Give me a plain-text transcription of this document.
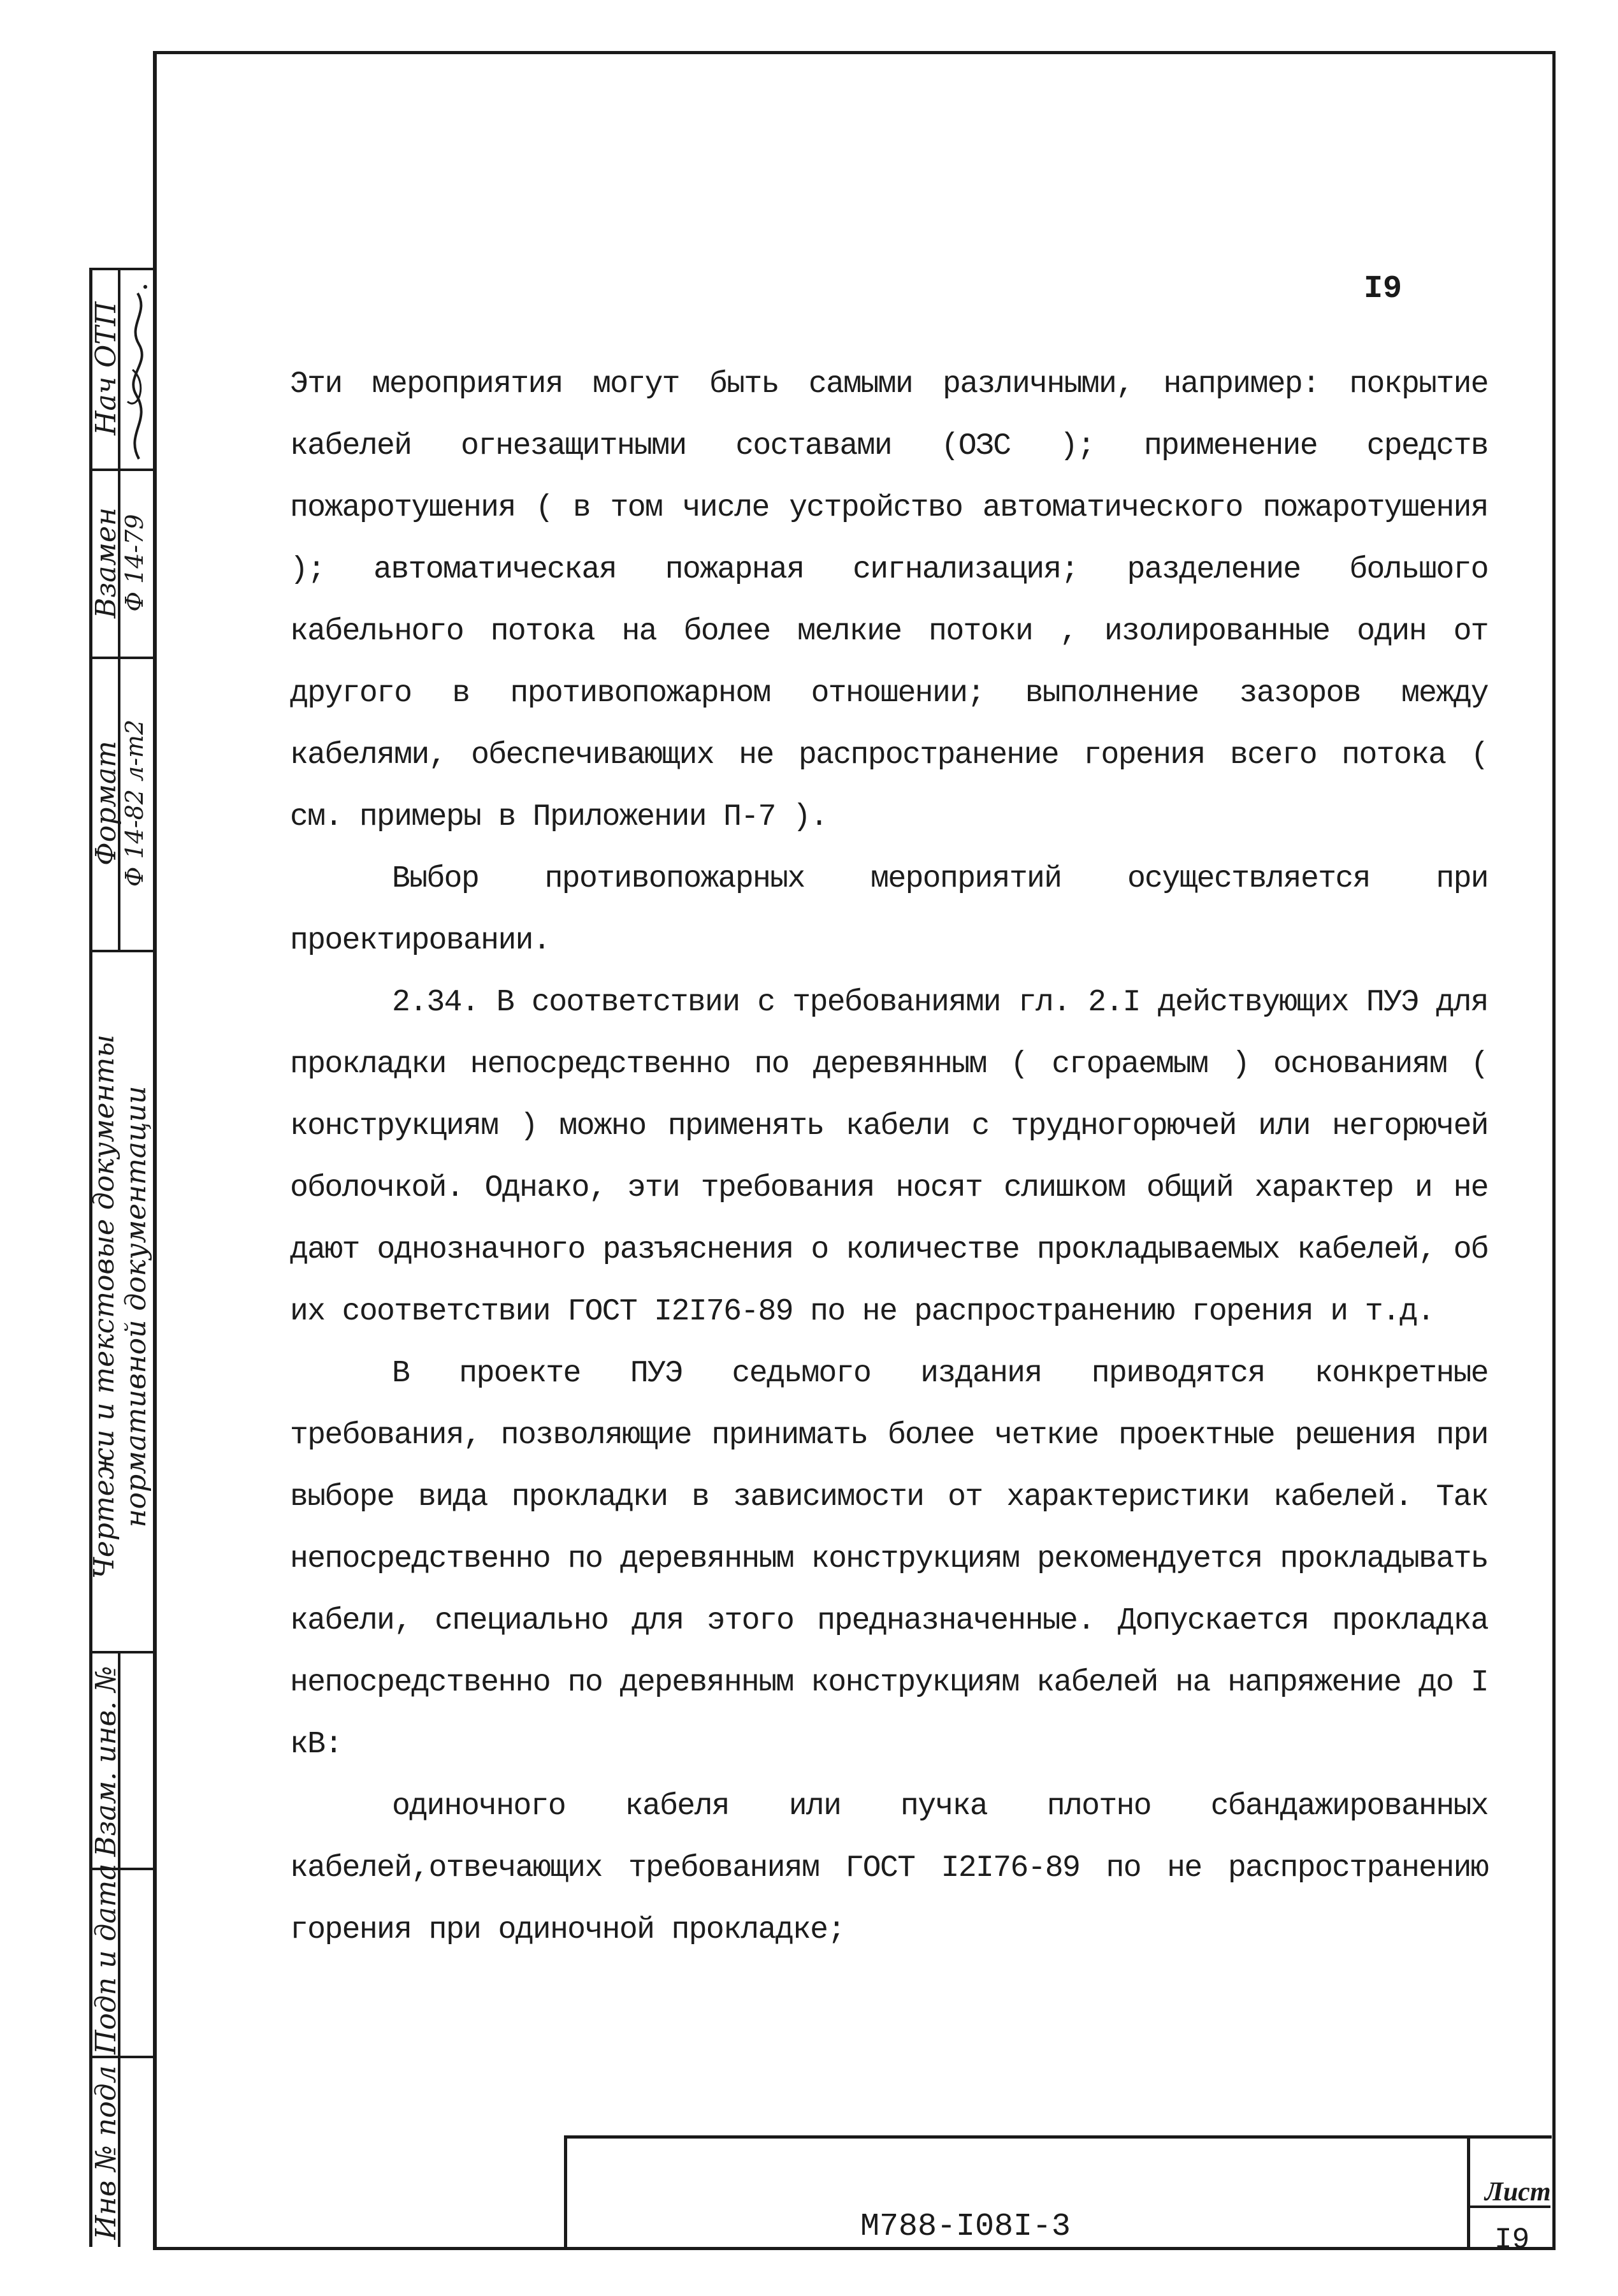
I9

Эти мероприятия могут быть самыми различными, например: покрытие кабелей огнезащитными составами (ОЗС ); применение средств пожаротушения ( в том числе устройство автоматического пожаротушения ); автоматическая пожарная сигнализация; разделение большого кабельного потока на более мелкие потоки , изолированные один от другого в противопожарном отношении; выполнение зазоров между кабелями, обеспечивающих не распространение горения всего потока ( см. примеры в Приложении П-7 ).

Выбор противопожарных мероприятий осуществляется при проектировании.

2.34. В соответствии с требованиями гл. 2.I действующих ПУЭ для прокладки непосредственно по деревянным ( сгораемым ) основаниям ( конструкциям ) можно применять кабели с трудногорючей или негорючей оболочкой. Однако, эти требования носят слишком общий характер и не дают однозначного разъяснения о количестве прокладываемых кабелей, об их соответствии ГОСТ I2I76-89 по не распространению горения и т.д.

В проекте ПУЭ седьмого издания приводятся конкретные требования, позволяющие принимать более четкие проектные решения при выборе вида прокладки в зависимости от характеристики кабелей. Так непосредственно по деревянным конструкциям рекомендуется прокладывать кабели, специально для этого предназначенные. Допускается прокладка непосредственно по деревянным конструкциям кабелей на напряжение до I кВ:

одиночного кабеля или пучка плотно сбандажированных кабелей,отвечающих требованиям ГОСТ I2I76-89 по не распространению горения при одиночной прокладке;

М788-I08I-3
Лист
I9
Формат
Ф 14-82 л-т2
Взамен
Ф 14-79
Нач ОТП
Чертежи и текстовые документы нормативной документации
Взам. инв. №
Подп и дата
Инв № подл
